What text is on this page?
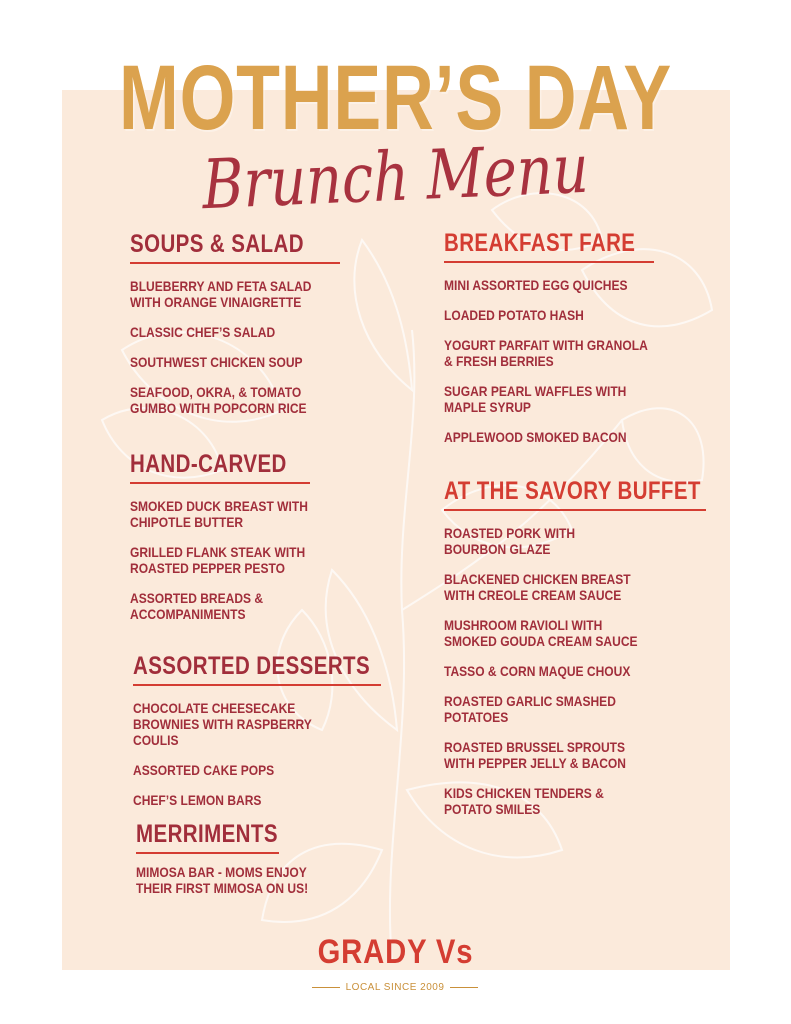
MOTHER’S DAY
Brunch Menu
SOUPS & SALAD
BLUEBERRY AND FETA SALAD
WITH ORANGE VINAIGRETTE
CLASSIC CHEF’S SALAD
SOUTHWEST CHICKEN SOUP
SEAFOOD, OKRA, & TOMATO
GUMBO WITH POPCORN RICE
HAND-CARVED
SMOKED DUCK BREAST WITH
CHIPOTLE BUTTER
GRILLED FLANK STEAK WITH
ROASTED PEPPER PESTO
ASSORTED BREADS &
ACCOMPANIMENTS
ASSORTED DESSERTS
CHOCOLATE CHEESECAKE
BROWNIES WITH RASPBERRY
COULIS
ASSORTED CAKE POPS
CHEF’S LEMON BARS
MERRIMENTS
MIMOSA BAR - MOMS ENJOY
THEIR FIRST MIMOSA ON US!
BREAKFAST FARE
MINI ASSORTED EGG QUICHES
LOADED POTATO HASH
YOGURT PARFAIT WITH GRANOLA
& FRESH BERRIES
SUGAR PEARL WAFFLES WITH
MAPLE SYRUP
APPLEWOOD SMOKED BACON
AT THE SAVORY BUFFET
ROASTED PORK WITH
BOURBON GLAZE
BLACKENED CHICKEN BREAST
WITH CREOLE CREAM SAUCE
MUSHROOM RAVIOLI WITH
SMOKED GOUDA CREAM SAUCE
TASSO & CORN MAQUE CHOUX
ROASTED GARLIC SMASHED
POTATOES
ROASTED BRUSSEL SPROUTS
WITH PEPPER JELLY & BACON
KIDS CHICKEN TENDERS &
POTATO SMILES
GRADY Vs
LOCAL SINCE 2009
